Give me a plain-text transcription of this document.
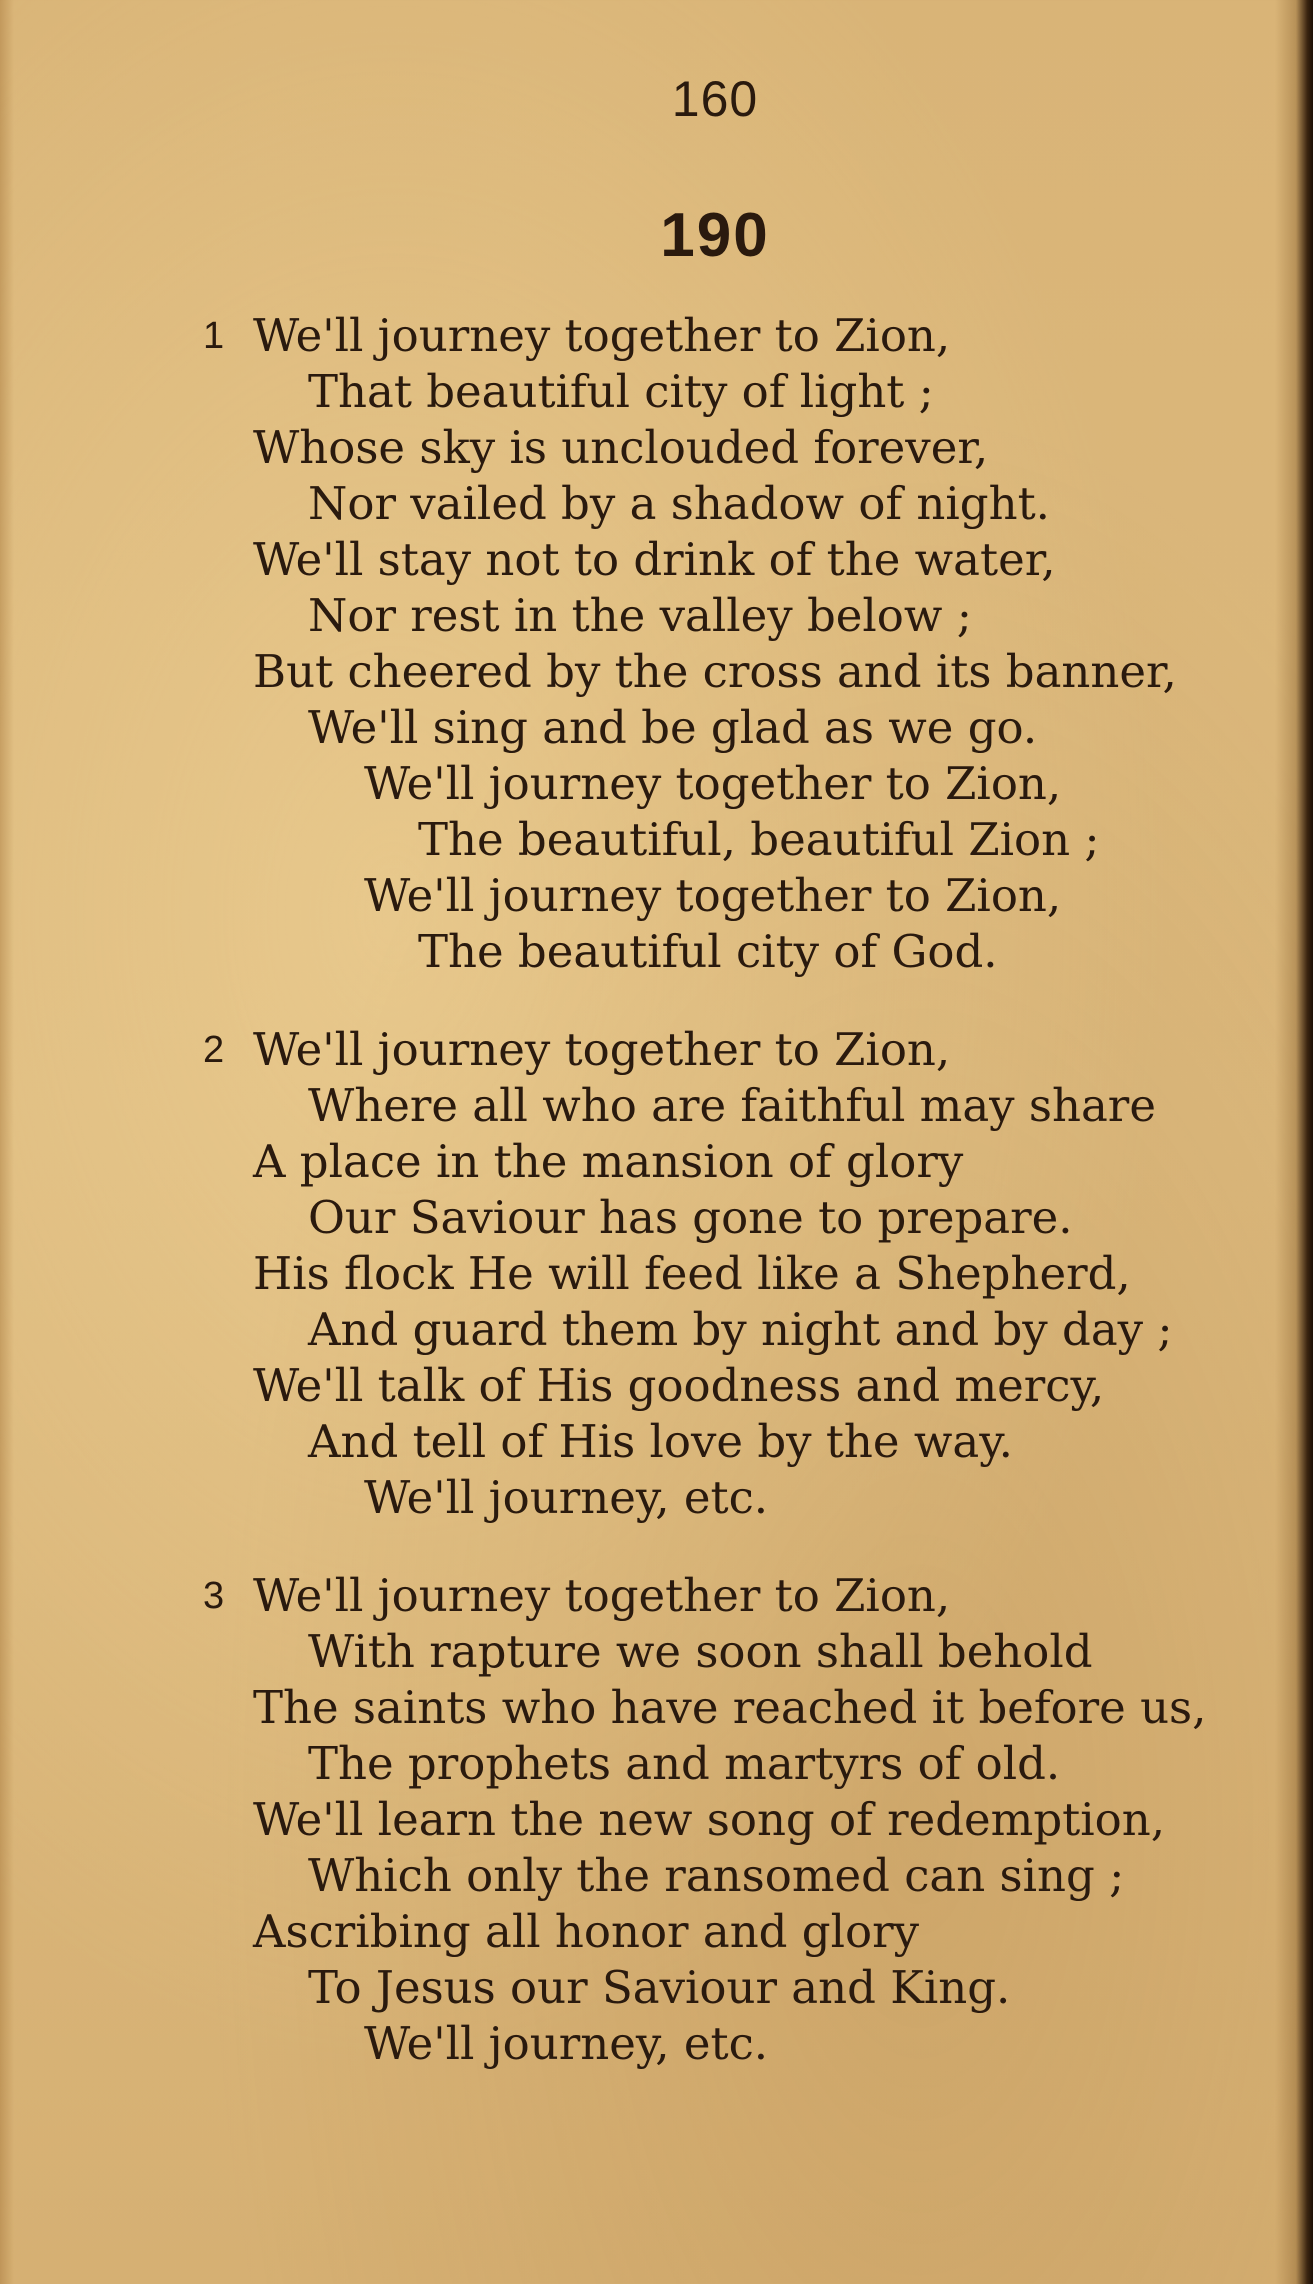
160
190
1 We'll journey together to Zion,
That beautiful city of light ;
Whose sky is unclouded forever,
Nor vailed by a shadow of night.
We'll stay not to drink of the water,
Nor rest in the valley below ;
But cheered by the cross and its banner,
We'll sing and be glad as we go.
We'll journey together to Zion,
The beautiful, beautiful Zion ;
We'll journey together to Zion,
The beautiful city of God.
2 We'll journey together to Zion,
Where all who are faithful may share
A place in the mansion of glory
Our Saviour has gone to prepare.
His flock He will feed like a Shepherd,
And guard them by night and by day ;
We'll talk of His goodness and mercy,
And tell of His love by the way.
We'll journey, etc.
3 We'll journey together to Zion,
With rapture we soon shall behold
The saints who have reached it before us,
The prophets and martyrs of old.
We'll learn the new song of redemption,
Which only the ransomed can sing ;
Ascribing all honor and glory
To Jesus our Saviour and King.
We'll journey, etc.
